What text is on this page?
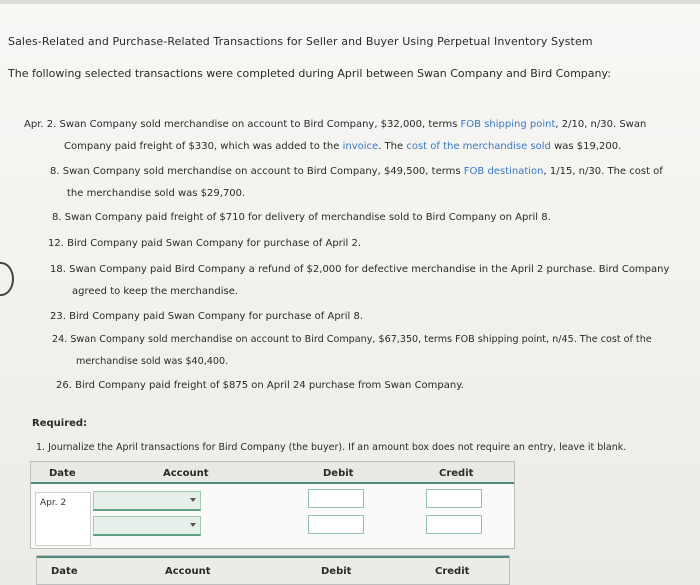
Sales-Related and Purchase-Related Transactions for Seller and Buyer Using Perpetual Inventory System
The following selected transactions were completed during April between Swan Company and Bird Company:
Apr. 2. Swan Company sold merchandise on account to Bird Company, $32,000, terms FOB shipping point, 2/10, n/30. Swan
Company paid freight of $330, which was added to the invoice. The cost of the merchandise sold was $19,200.
8. Swan Company sold merchandise on account to Bird Company, $49,500, terms FOB destination, 1/15, n/30. The cost of
the merchandise sold was $29,700.
8. Swan Company paid freight of $710 for delivery of merchandise sold to Bird Company on April 8.
12. Bird Company paid Swan Company for purchase of April 2.
18. Swan Company paid Bird Company a refund of $2,000 for defective merchandise in the April 2 purchase. Bird Company
agreed to keep the merchandise.
23. Bird Company paid Swan Company for purchase of April 8.
24. Swan Company sold merchandise on account to Bird Company, $67,350, terms FOB shipping point, n/45. The cost of the
merchandise sold was $40,400.
26. Bird Company paid freight of $875 on April 24 purchase from Swan Company.
Required:
1. Journalize the April transactions for Bird Company (the buyer). If an amount box does not require an entry, leave it blank.
Date	Account	Debit	Credit
Apr. 2
Date	Account	Debit	Credit
